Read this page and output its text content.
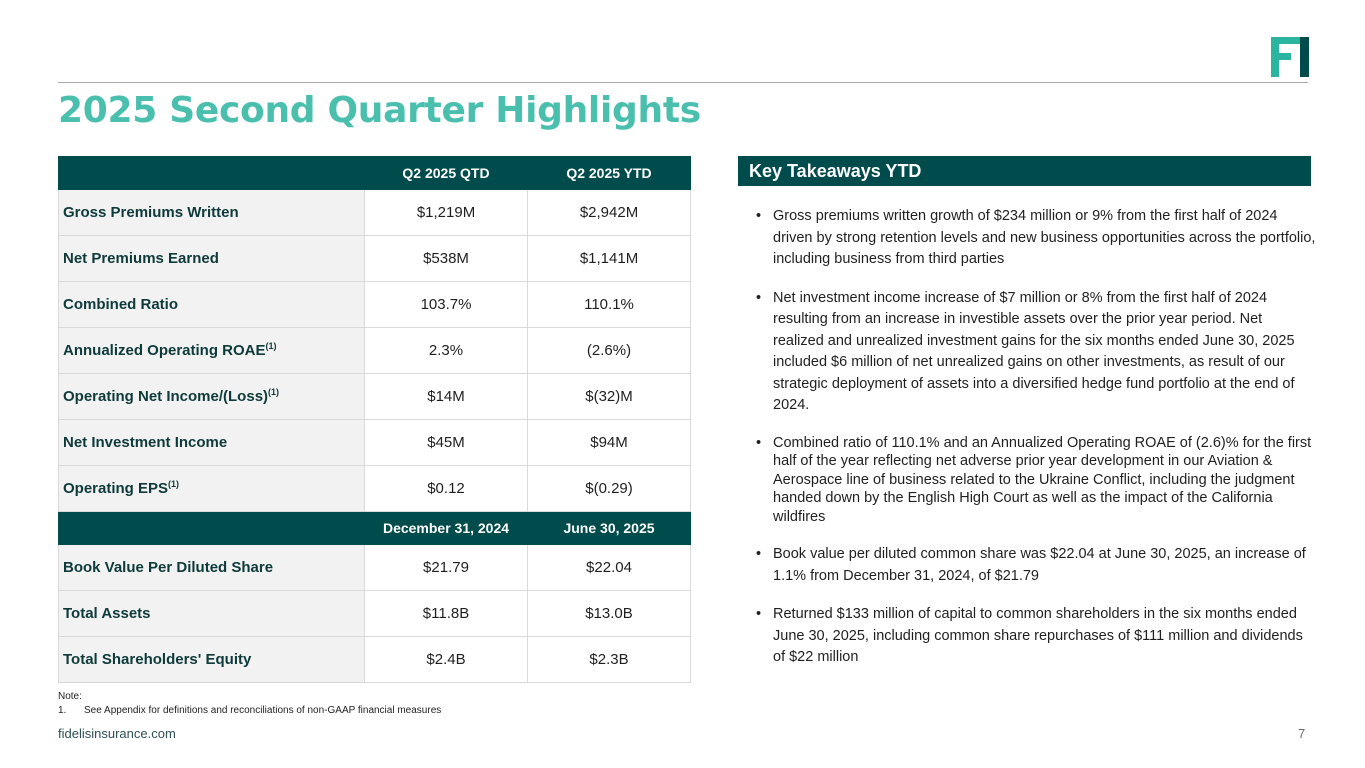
2025 Second Quarter Highlights
	Q2 2025 QTD	Q2 2025 YTD
Gross Premiums Written	$1,219M	$2,942M
Net Premiums Earned	$538M	$1,141M
Combined Ratio	103.7%	110.1%
Annualized Operating ROAE$^{(1)}$	2.3%	(2.6%)
Operating Net Income/(Loss)$^{(1)}$	$14M	$(32)M
Net Investment Income	$45M	$94M
Operating EPS$^{(1)}$	$0.12	$(0.29)
	December 31, 2024	June 30, 2025
Book Value Per Diluted Share	$21.79	$22.04
Total Assets	$11.8B	$13.0B
Total Shareholders' Equity	$2.4B	$2.3B
Key Takeaways YTD
• Gross premiums written growth of $234 million or 9% from the first half of 2024 driven by strong retention levels and new business opportunities across the portfolio, including business from third parties
• Net investment income increase of $7 million or 8% from the first half of 2024 resulting from an increase in investible assets over the prior year period. Net realized and unrealized investment gains for the six months ended June 30, 2025 included $6 million of net unrealized gains on other investments, as result of our strategic deployment of assets into a diversified hedge fund portfolio at the end of 2024.
• Combined ratio of 110.1% and an Annualized Operating ROAE of (2.6)% for the first half of the year reflecting net adverse prior year development in our Aviation & Aerospace line of business related to the Ukraine Conflict, including the judgment handed down by the English High Court as well as the impact of the California wildfires
• Book value per diluted common share was $22.04 at June 30, 2025, an increase of 1.1% from December 31, 2024, of $21.79
• Returned $133 million of capital to common shareholders in the six months ended June 30, 2025, including common share repurchases of $111 million and dividends of $22 million
Note:
1. See Appendix for definitions and reconciliations of non-GAAP financial measures
fidelisinsurance.com	7
